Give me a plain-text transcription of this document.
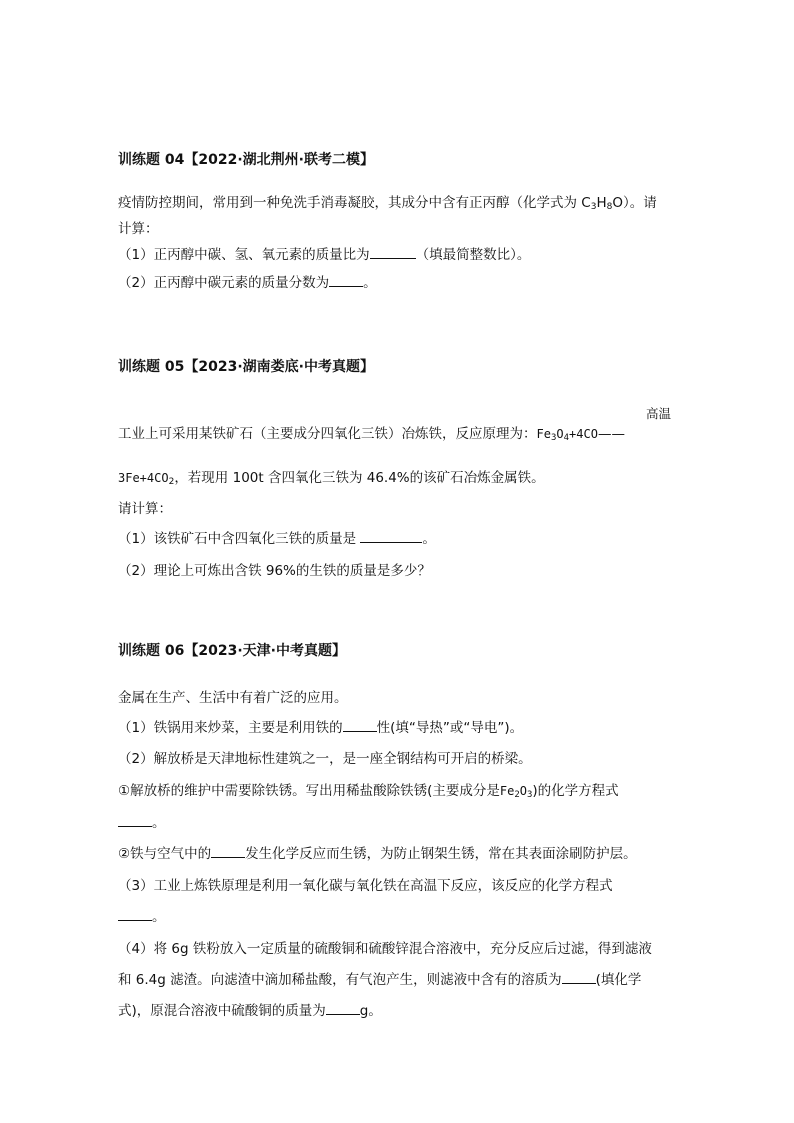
训练题 04【2022·湖北荆州·联考二模】
疫情防控期间，常用到一种免洗手消毒凝胶，其成分中含有正丙醇（化学式为 $C_3H_8O$）。请
计算：
（1）正丙醇中碳、氢、氧元素的质量比为	（填最简整数比）。
（2）正丙醇中碳元素的质量分数为	。
训练题 05【2023·湖南娄底·中考真题】
高温
工业上可采用某铁矿石（主要成分四氧化三铁）冶炼铁，反应原理为：$Fe_3O_4+4CO——$
$3Fe+4CO_2$，若现用 100t 含四氧化三铁为 46.4%的该矿石冶炼金属铁。
请计算：
（1）该铁矿石中含四氧化三铁的质量是	。
（2）理论上可炼出含铁 96%的生铁的质量是多少？
训练题 06【2023·天津·中考真题】
金属在生产、生活中有着广泛的应用。
（1）铁锅用来炒菜，主要是利用铁的	性(填“导热”或“导电”)。
（2）解放桥是天津地标性建筑之一，是一座全钢结构可开启的桥梁。
①解放桥的维护中需要除铁锈。写出用稀盐酸除铁锈(主要成分是$Fe_2O_3$)的化学方程式
。
②铁与空气中的	发生化学反应而生锈，为防止钢架生锈，常在其表面涂刷防护层。
（3）工业上炼铁原理是利用一氧化碳与氧化铁在高温下反应，该反应的化学方程式
。
（4）将 6g 铁粉放入一定质量的硫酸铜和硫酸锌混合溶液中，充分反应后过滤，得到滤液
和 6.4g 滤渣。向滤渣中滴加稀盐酸，有气泡产生，则滤液中含有的溶质为	(填化学
式)，原混合溶液中硫酸铜的质量为	g。
